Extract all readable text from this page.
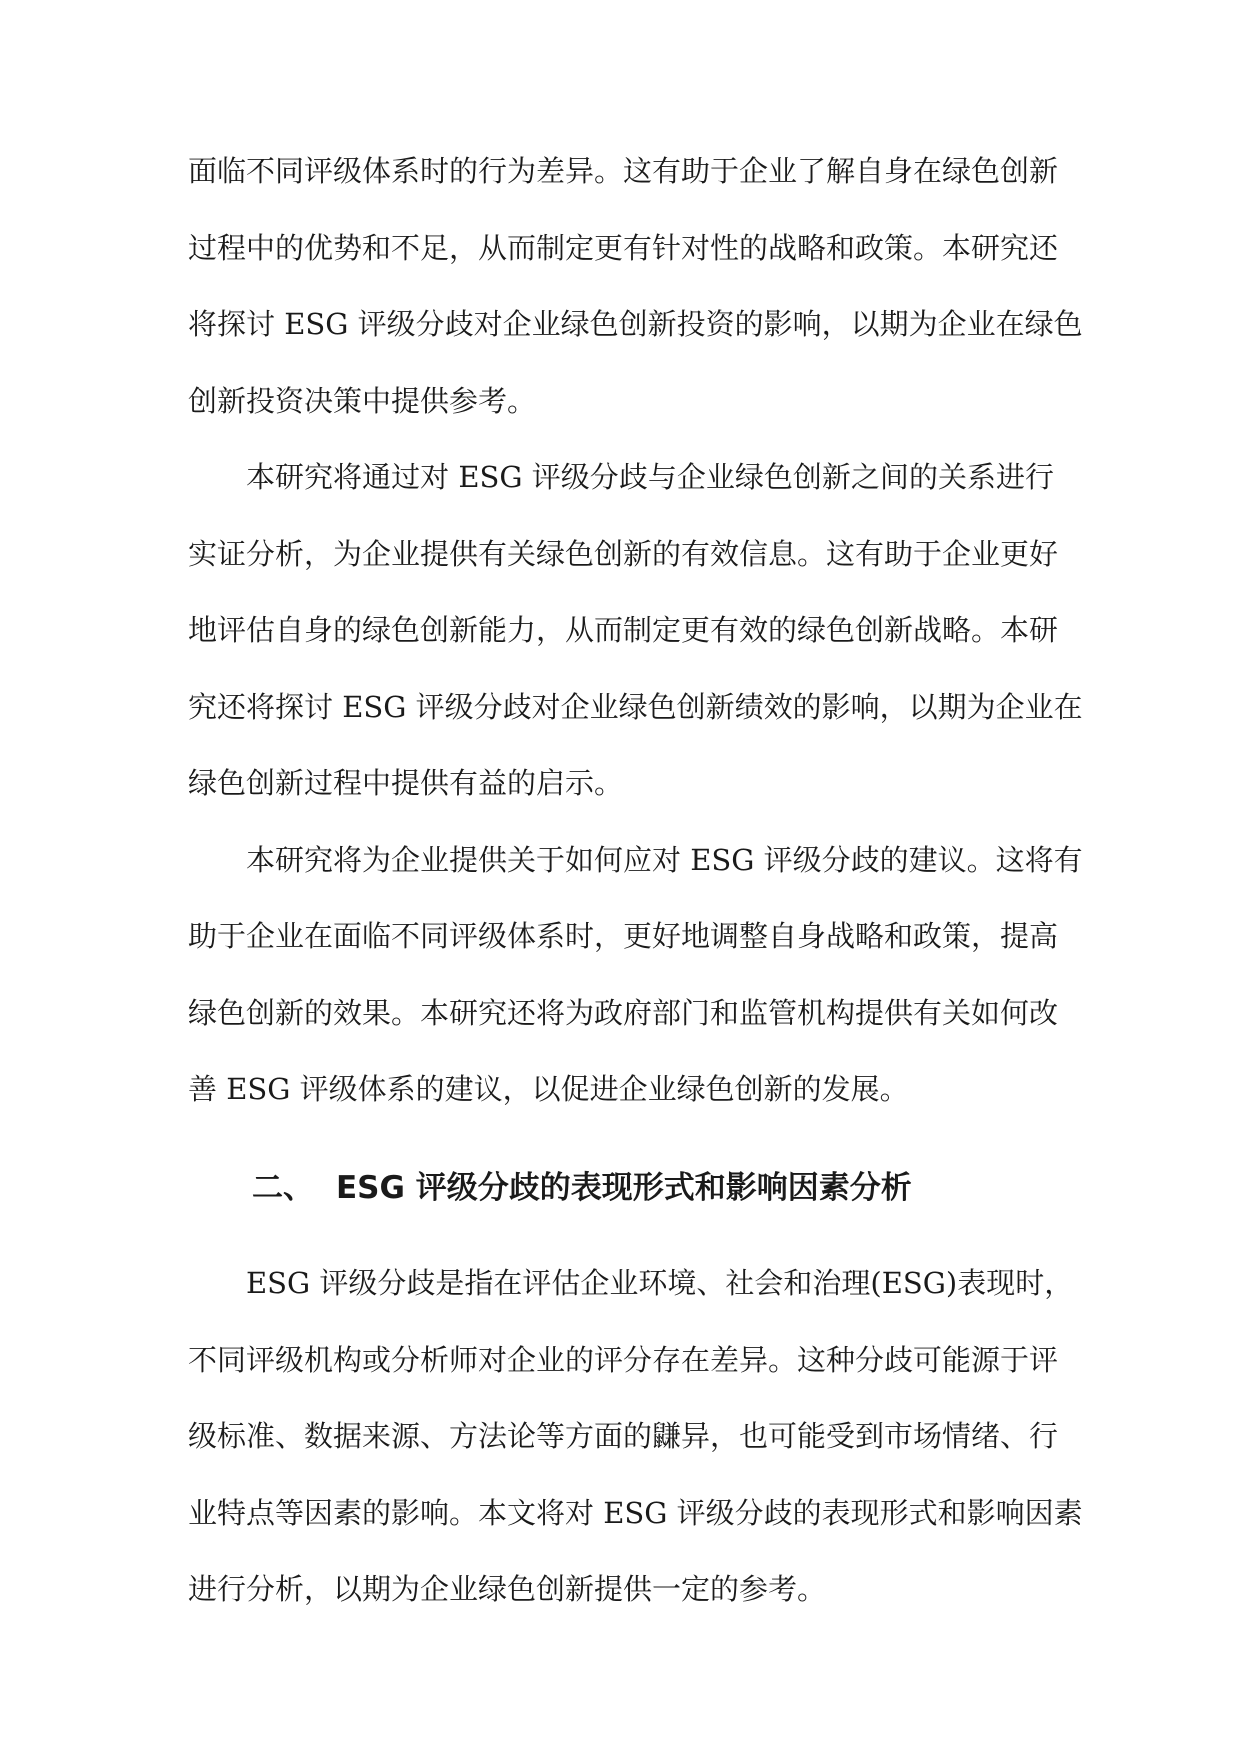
面临不同评级体系时的行为差异。这有助于企业了解自身在绿色创新
过程中的优势和不足，从而制定更有针对性的战略和政策。本研究还
将探讨 ESG 评级分歧对企业绿色创新投资的影响，以期为企业在绿色
创新投资决策中提供参考。
本研究将通过对 ESG 评级分歧与企业绿色创新之间的关系进行
实证分析，为企业提供有关绿色创新的有效信息。这有助于企业更好
地评估自身的绿色创新能力，从而制定更有效的绿色创新战略。本研
究还将探讨 ESG 评级分歧对企业绿色创新绩效的影响，以期为企业在
绿色创新过程中提供有益的启示。
本研究将为企业提供关于如何应对 ESG 评级分歧的建议。这将有
助于企业在面临不同评级体系时，更好地调整自身战略和政策，提高
绿色创新的效果。本研究还将为政府部门和监管机构提供有关如何改
善 ESG 评级体系的建议，以促进企业绿色创新的发展。
二、 ESG 评级分歧的表现形式和影响因素分析
ESG 评级分歧是指在评估企业环境、社会和治理(ESG)表现时，
不同评级机构或分析师对企业的评分存在差异。这种分歧可能源于评
级标准、数据来源、方法论等方面的鼸异，也可能受到市场情绪、行
业特点等因素的影响。本文将对 ESG 评级分歧的表现形式和影响因素
进行分析，以期为企业绿色创新提供一定的参考。
